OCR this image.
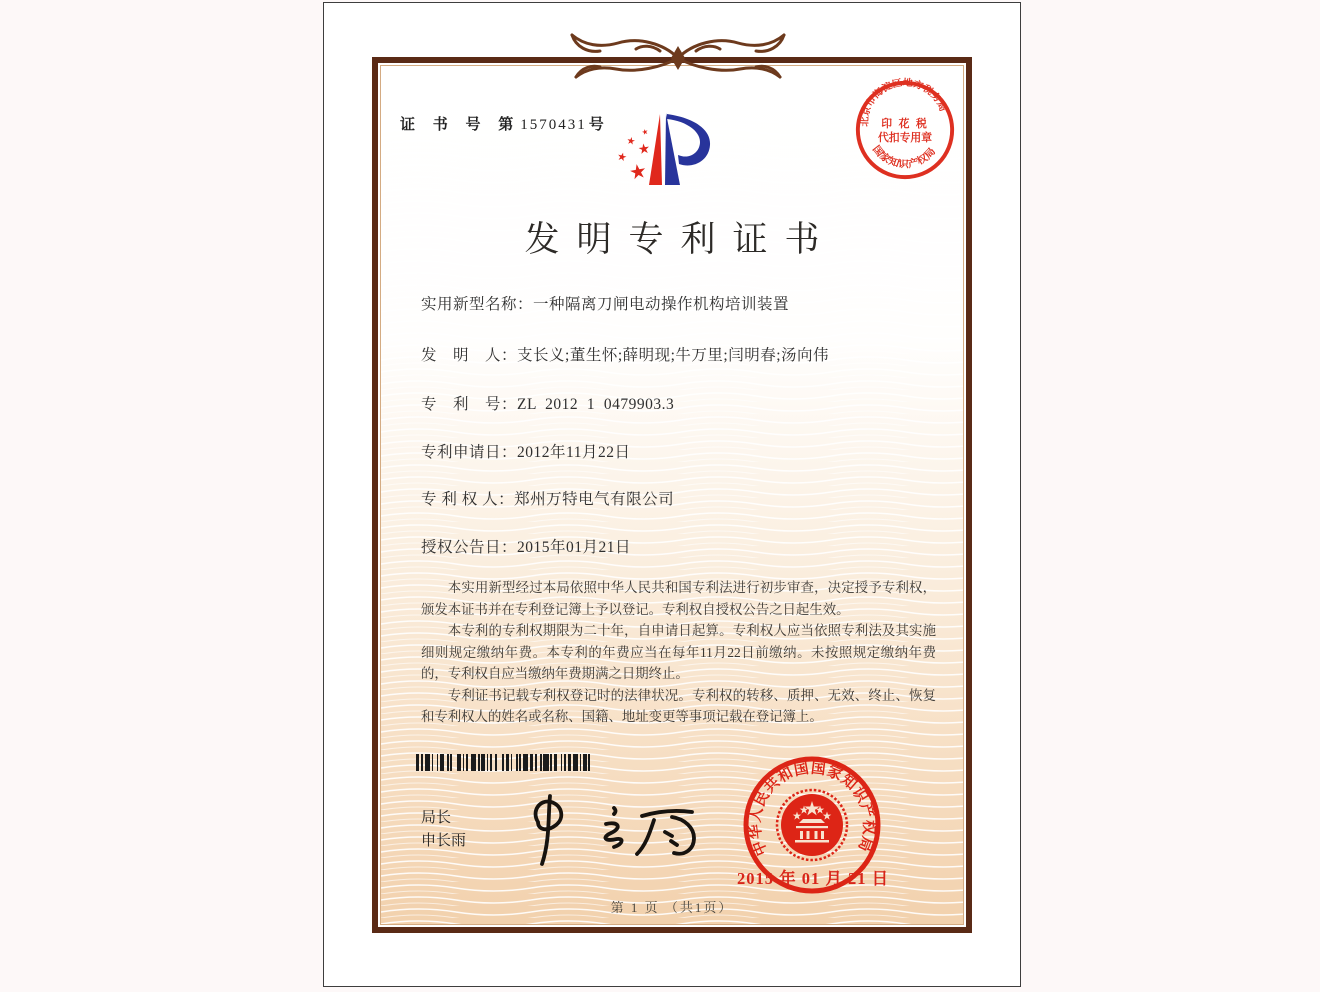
证 书 号 第1570431 号
发明专利证书
实用新型名称：一种隔离刀闸电动操作机构培训装置
发　明　人：支长义;董生怀;薛明现;牛万里;闫明春;汤向伟
专　利　号：ZL  2012  1  0479903.3
专利申请日：2012年11月22日
专 利 权 人：郑州万特电气有限公司
授权公告日：2015年01月21日

本实用新型经过本局依照中华人民共和国专利法进行初步审查，决定授予专利权，颁发本证书并在专利登记簿上予以登记。专利权自授权公告之日起生效。

本专利的专利权期限为二十年，自申请日起算。专利权人应当依照专利法及其实施细则规定缴纳年费。本专利的年费应当在每年11月22日前缴纳。未按照规定缴纳年费的，专利权自应当缴纳年费期满之日期终止。

专利证书记载专利权登记时的法律状况。专利权的转移、质押、无效、终止、恢复和专利权人的姓名或名称、国籍、地址变更等事项记载在登记簿上。

局长
申长雨	中华人民共和国国家知识产权局
2015 年 01 月 21 日
第 1 页 （共1页）
北京市海淀区地方税务局
国家知识产权局
印 花 税
代扣专用章
